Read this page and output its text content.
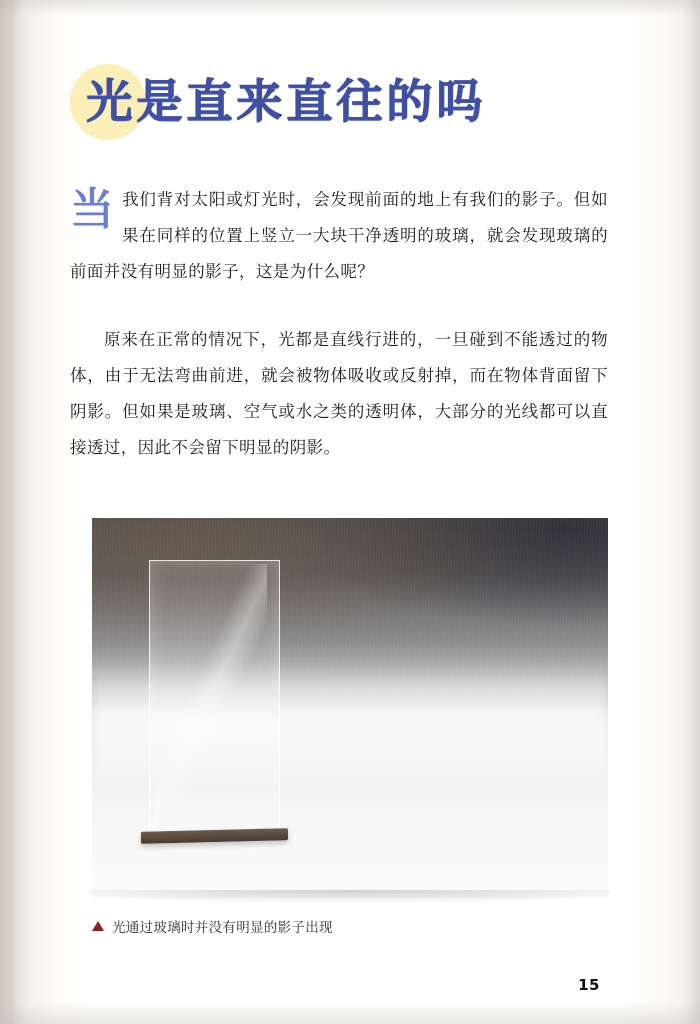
光是直来直往的吗
当 我们背对太阳或灯光时，会发现前面的地上有我们的影子。但如果在同样的位置上竖立一大块干净透明的玻璃，就会发现玻璃的前面并没有明显的影子，这是为什么呢？
原来在正常的情况下，光都是直线行进的，一旦碰到不能透过的物体，由于无法弯曲前进，就会被物体吸收或反射掉，而在物体背面留下阴影。但如果是玻璃、空气或水之类的透明体，大部分的光线都可以直接透过，因此不会留下明显的阴影。
光通过玻璃时并没有明显的影子出现
15
